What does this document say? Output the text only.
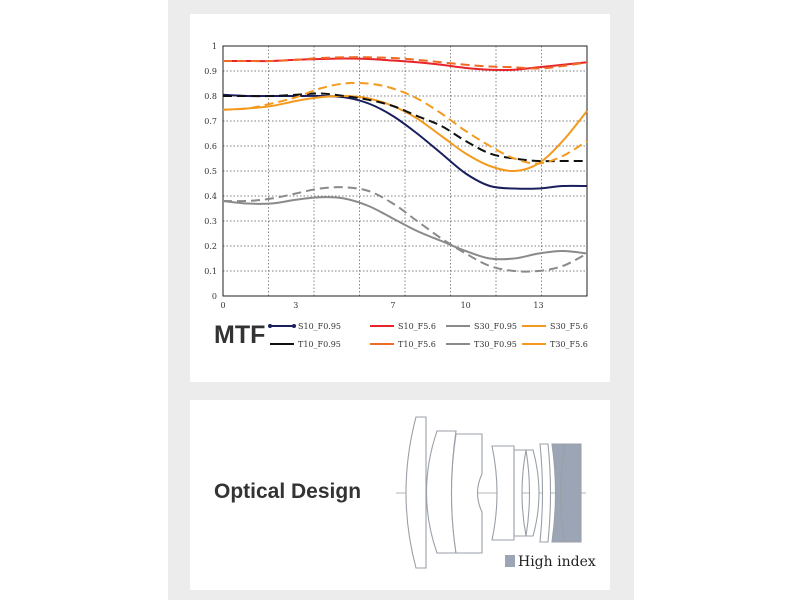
0
0.1
0.2
0.3
0.4
0.5
0.6
0.7
0.8
0.9
1
0	3	7	10	13
S10_F0.95	S10_F5.6	S30_F0.95	S30_F5.6
T10_F0.95	T10_F5.6	T30_F0.95	T30_F5.6
MTF
Optical Design
High index
